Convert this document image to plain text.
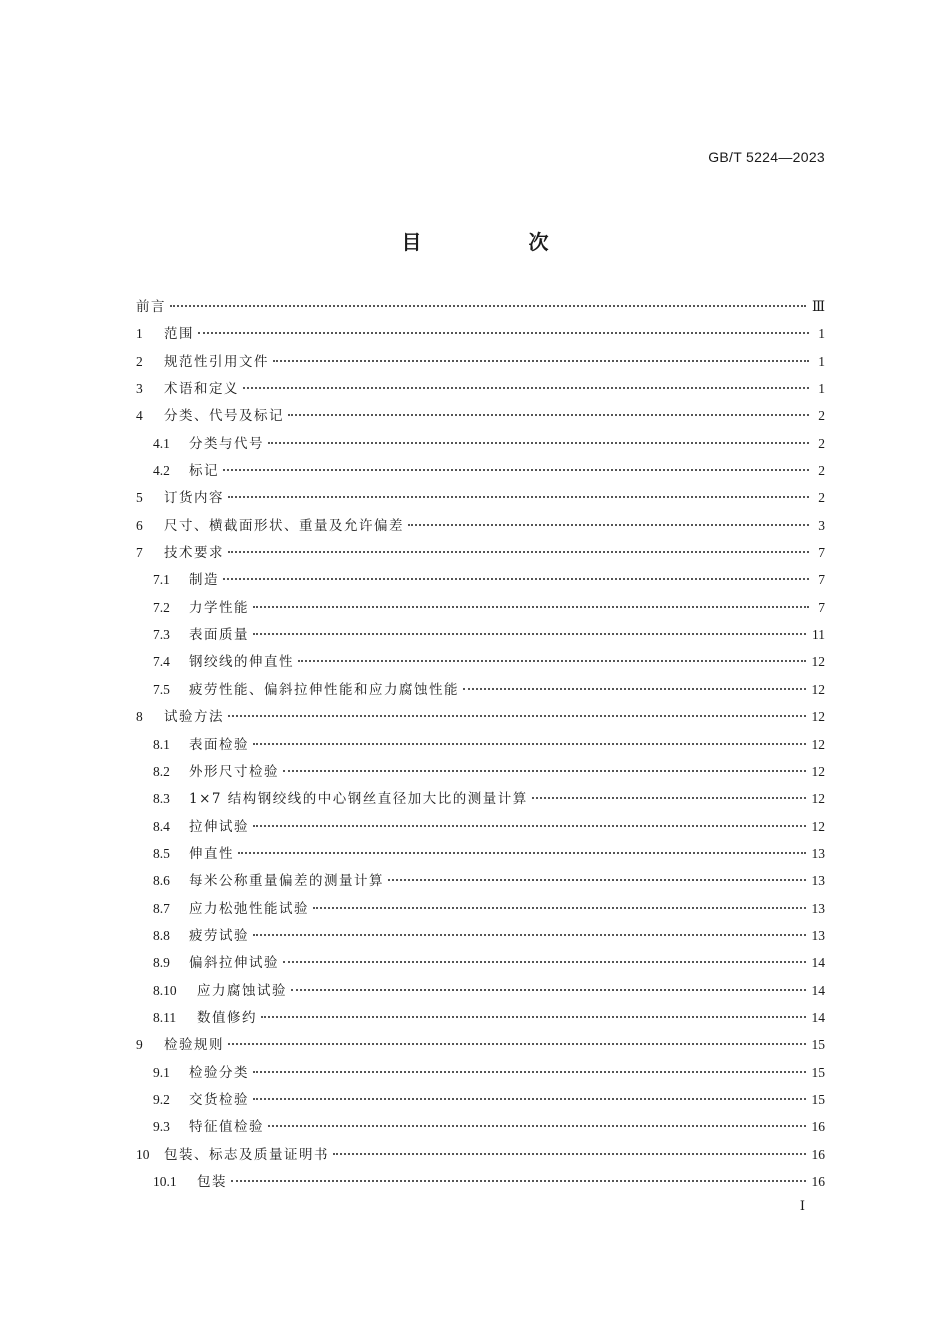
GB/T 5224—2023
目 次
前言	Ⅲ
1	范围	1
2	规范性引用文件	1
3	术语和定义	1
4	分类、代号及标记	2
4.1	分类与代号	2
4.2	标记	2
5	订货内容	2
6	尺寸、横截面形状、重量及允许偏差	3
7	技术要求	7
7.1	制造	7
7.2	力学性能	7
7.3	表面质量	11
7.4	钢绞线的伸直性	12
7.5	疲劳性能、偏斜拉伸性能和应力腐蚀性能	12
8	试验方法	12
8.1	表面检验	12
8.2	外形尺寸检验	12
8.3	1×7 结构钢绞线的中心钢丝直径加大比的测量计算	12
8.4	拉伸试验	12
8.5	伸直性	13
8.6	每米公称重量偏差的测量计算	13
8.7	应力松弛性能试验	13
8.8	疲劳试验	13
8.9	偏斜拉伸试验	14
8.10	应力腐蚀试验	14
8.11	数值修约	14
9	检验规则	15
9.1	检验分类	15
9.2	交货检验	15
9.3	特征值检验	16
10	包装、标志及质量证明书	16
10.1	包装	16
Ⅰ
